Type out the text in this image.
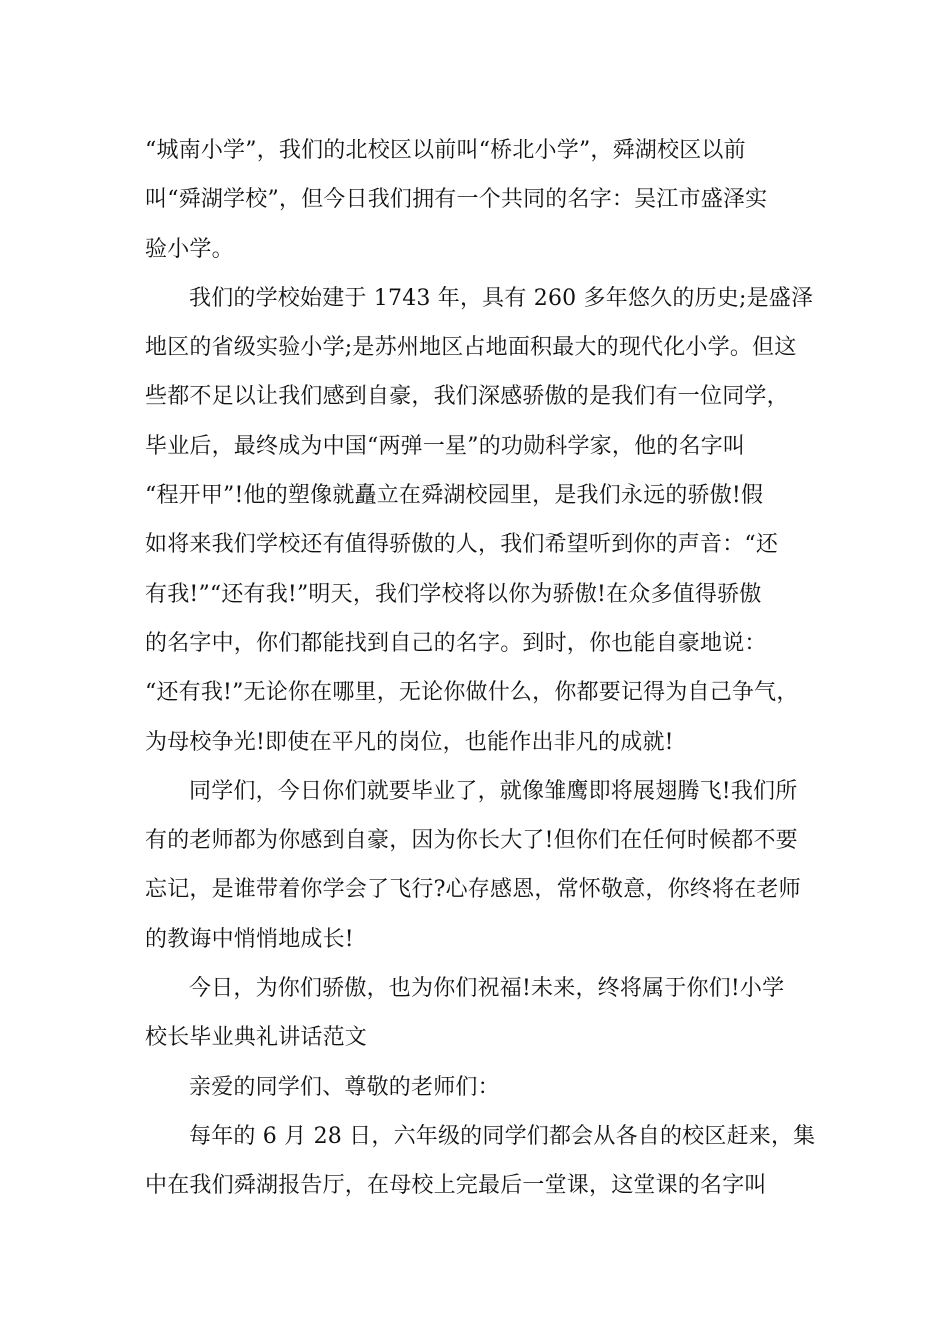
“城南小学”，我们的北校区以前叫“桥北小学”，舜湖校区以前
叫“舜湖学校”，但今日我们拥有一个共同的名字：吴江市盛泽实
验小学。
我们的学校始建于 1743 年，具有 260 多年悠久的历史;是盛泽
地区的省级实验小学;是苏州地区占地面积最大的现代化小学。但这
些都不足以让我们感到自豪，我们深感骄傲的是我们有一位同学，
毕业后，最终成为中国“两弹一星”的功勋科学家，他的名字叫
“程开甲”!他的塑像就矗立在舜湖校园里，是我们永远的骄傲!假
如将来我们学校还有值得骄傲的人，我们希望听到你的声音：“还
有我!”“还有我!”明天，我们学校将以你为骄傲!在众多值得骄傲
的名字中，你们都能找到自己的名字。到时，你也能自豪地说：
“还有我!”无论你在哪里，无论你做什么，你都要记得为自己争气，
为母校争光!即使在平凡的岗位，也能作出非凡的成就!
同学们，今日你们就要毕业了，就像雏鹰即将展翅腾飞!我们所
有的老师都为你感到自豪，因为你长大了!但你们在任何时候都不要
忘记，是谁带着你学会了飞行?心存感恩，常怀敬意，你终将在老师
的教诲中悄悄地成长!
今日，为你们骄傲，也为你们祝福!未来，终将属于你们!小学
校长毕业典礼讲话范文
亲爱的同学们、尊敬的老师们：
每年的 6 月 28 日，六年级的同学们都会从各自的校区赶来，集
中在我们舜湖报告厅，在母校上完最后一堂课，这堂课的名字叫
